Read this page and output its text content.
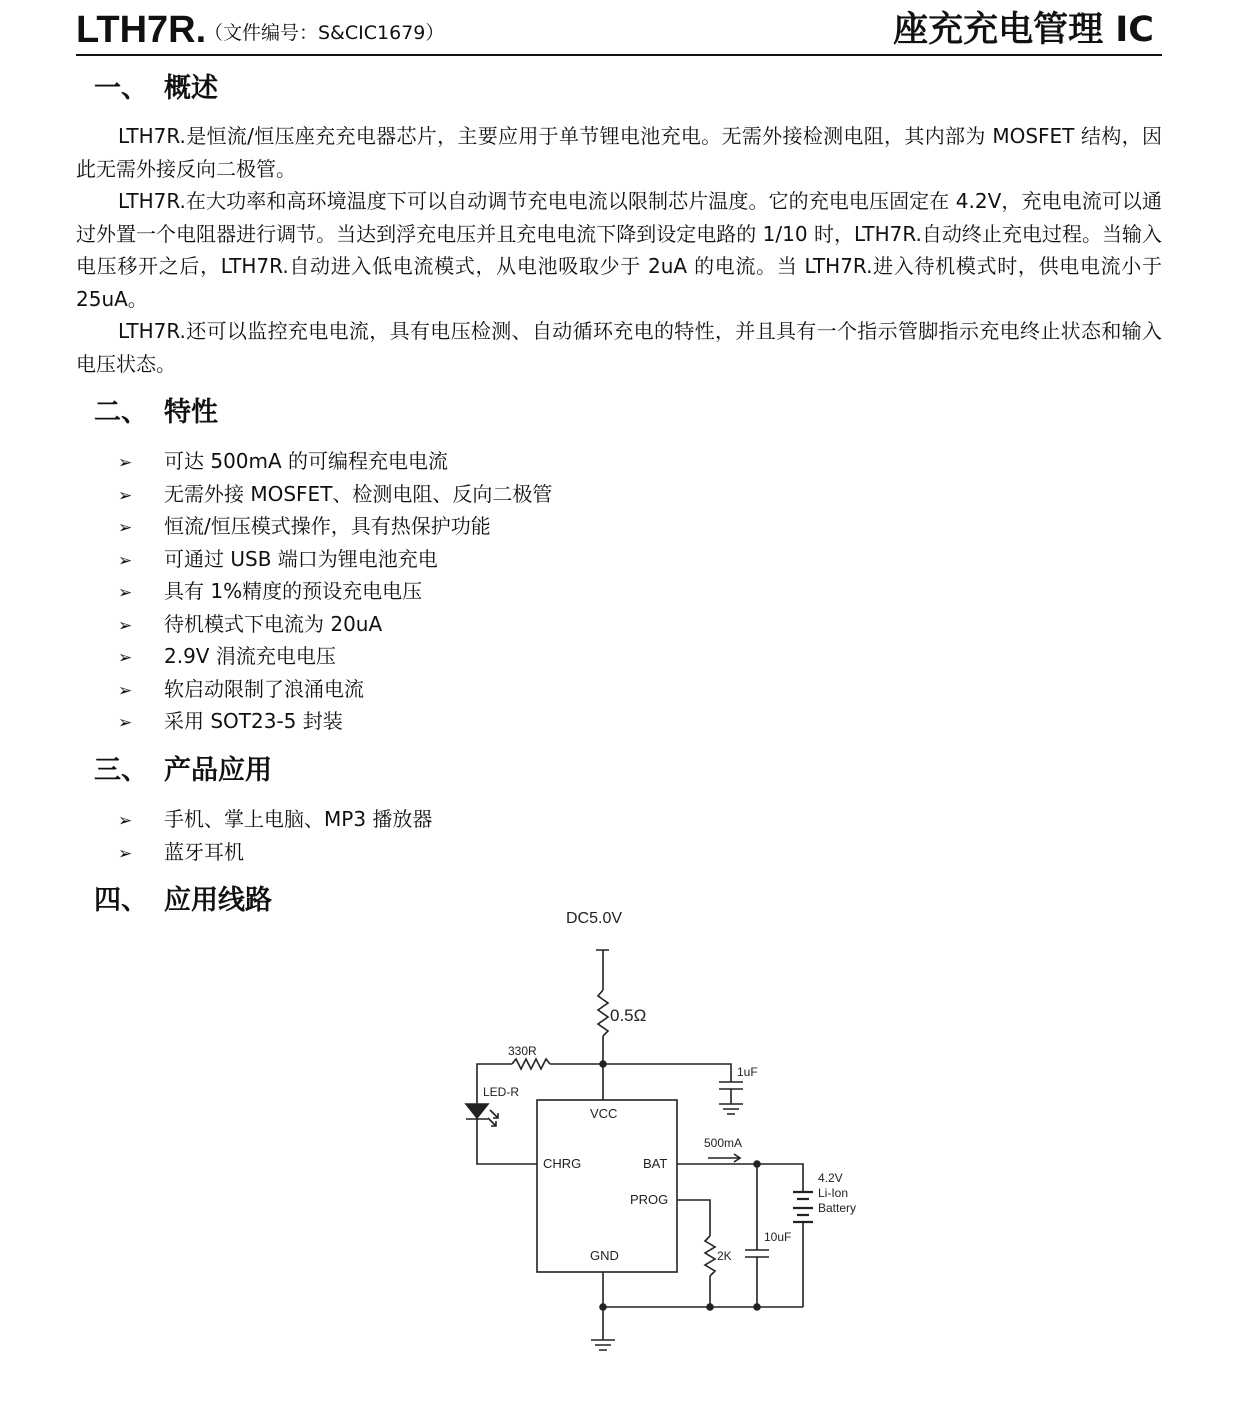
LTH7R.
（文件编号：S&CIC1679）	座充充电管理 IC
一、 概述

LTH7R.是恒流/恒压座充充电器芯片，主要应用于单节锂电池充电。无需外接检测电阻，其内部为 MOSFET 结构，因此无需外接反向二极管。

LTH7R.在大功率和高环境温度下可以自动调节充电电流以限制芯片温度。它的充电电压固定在 4.2V，充电电流可以通过外置一个电阻器进行调节。当达到浮充电压并且充电电流下降到设定电路的 1/10 时，LTH7R.自动终止充电过程。当输入电压移开之后，LTH7R.自动进入低电流模式，从电池吸取少于 2uA 的电流。当 LTH7R.进入待机模式时，供电电流小于 25uA。

LTH7R.还可以监控充电电流，具有电压检测、自动循环充电的特性，并且具有一个指示管脚指示充电终止状态和输入电压状态。

二、 特性
➢ 可达 500mA 的可编程充电电流
➢ 无需外接 MOSFET、检测电阻、反向二极管
➢ 恒流/恒压模式操作，具有热保护功能
➢ 可通过 USB 端口为锂电池充电
➢ 具有 1%精度的预设充电电压
➢ 待机模式下电流为 20uA
➢ 2.9V 涓流充电电压
➢ 软启动限制了浪涌电流
➢ 采用 SOT23-5 封装
三、 产品应用
➢ 手机、掌上电脑、MP3 播放器
➢ 蓝牙耳机
四、 应用线路
DC5.0V
0.5Ω
1uF
330R
LED-R
VCC
CHRG	BAT
PROG
GND
500mA
4.2V
Li-Ion
Battery
10uF
2K
